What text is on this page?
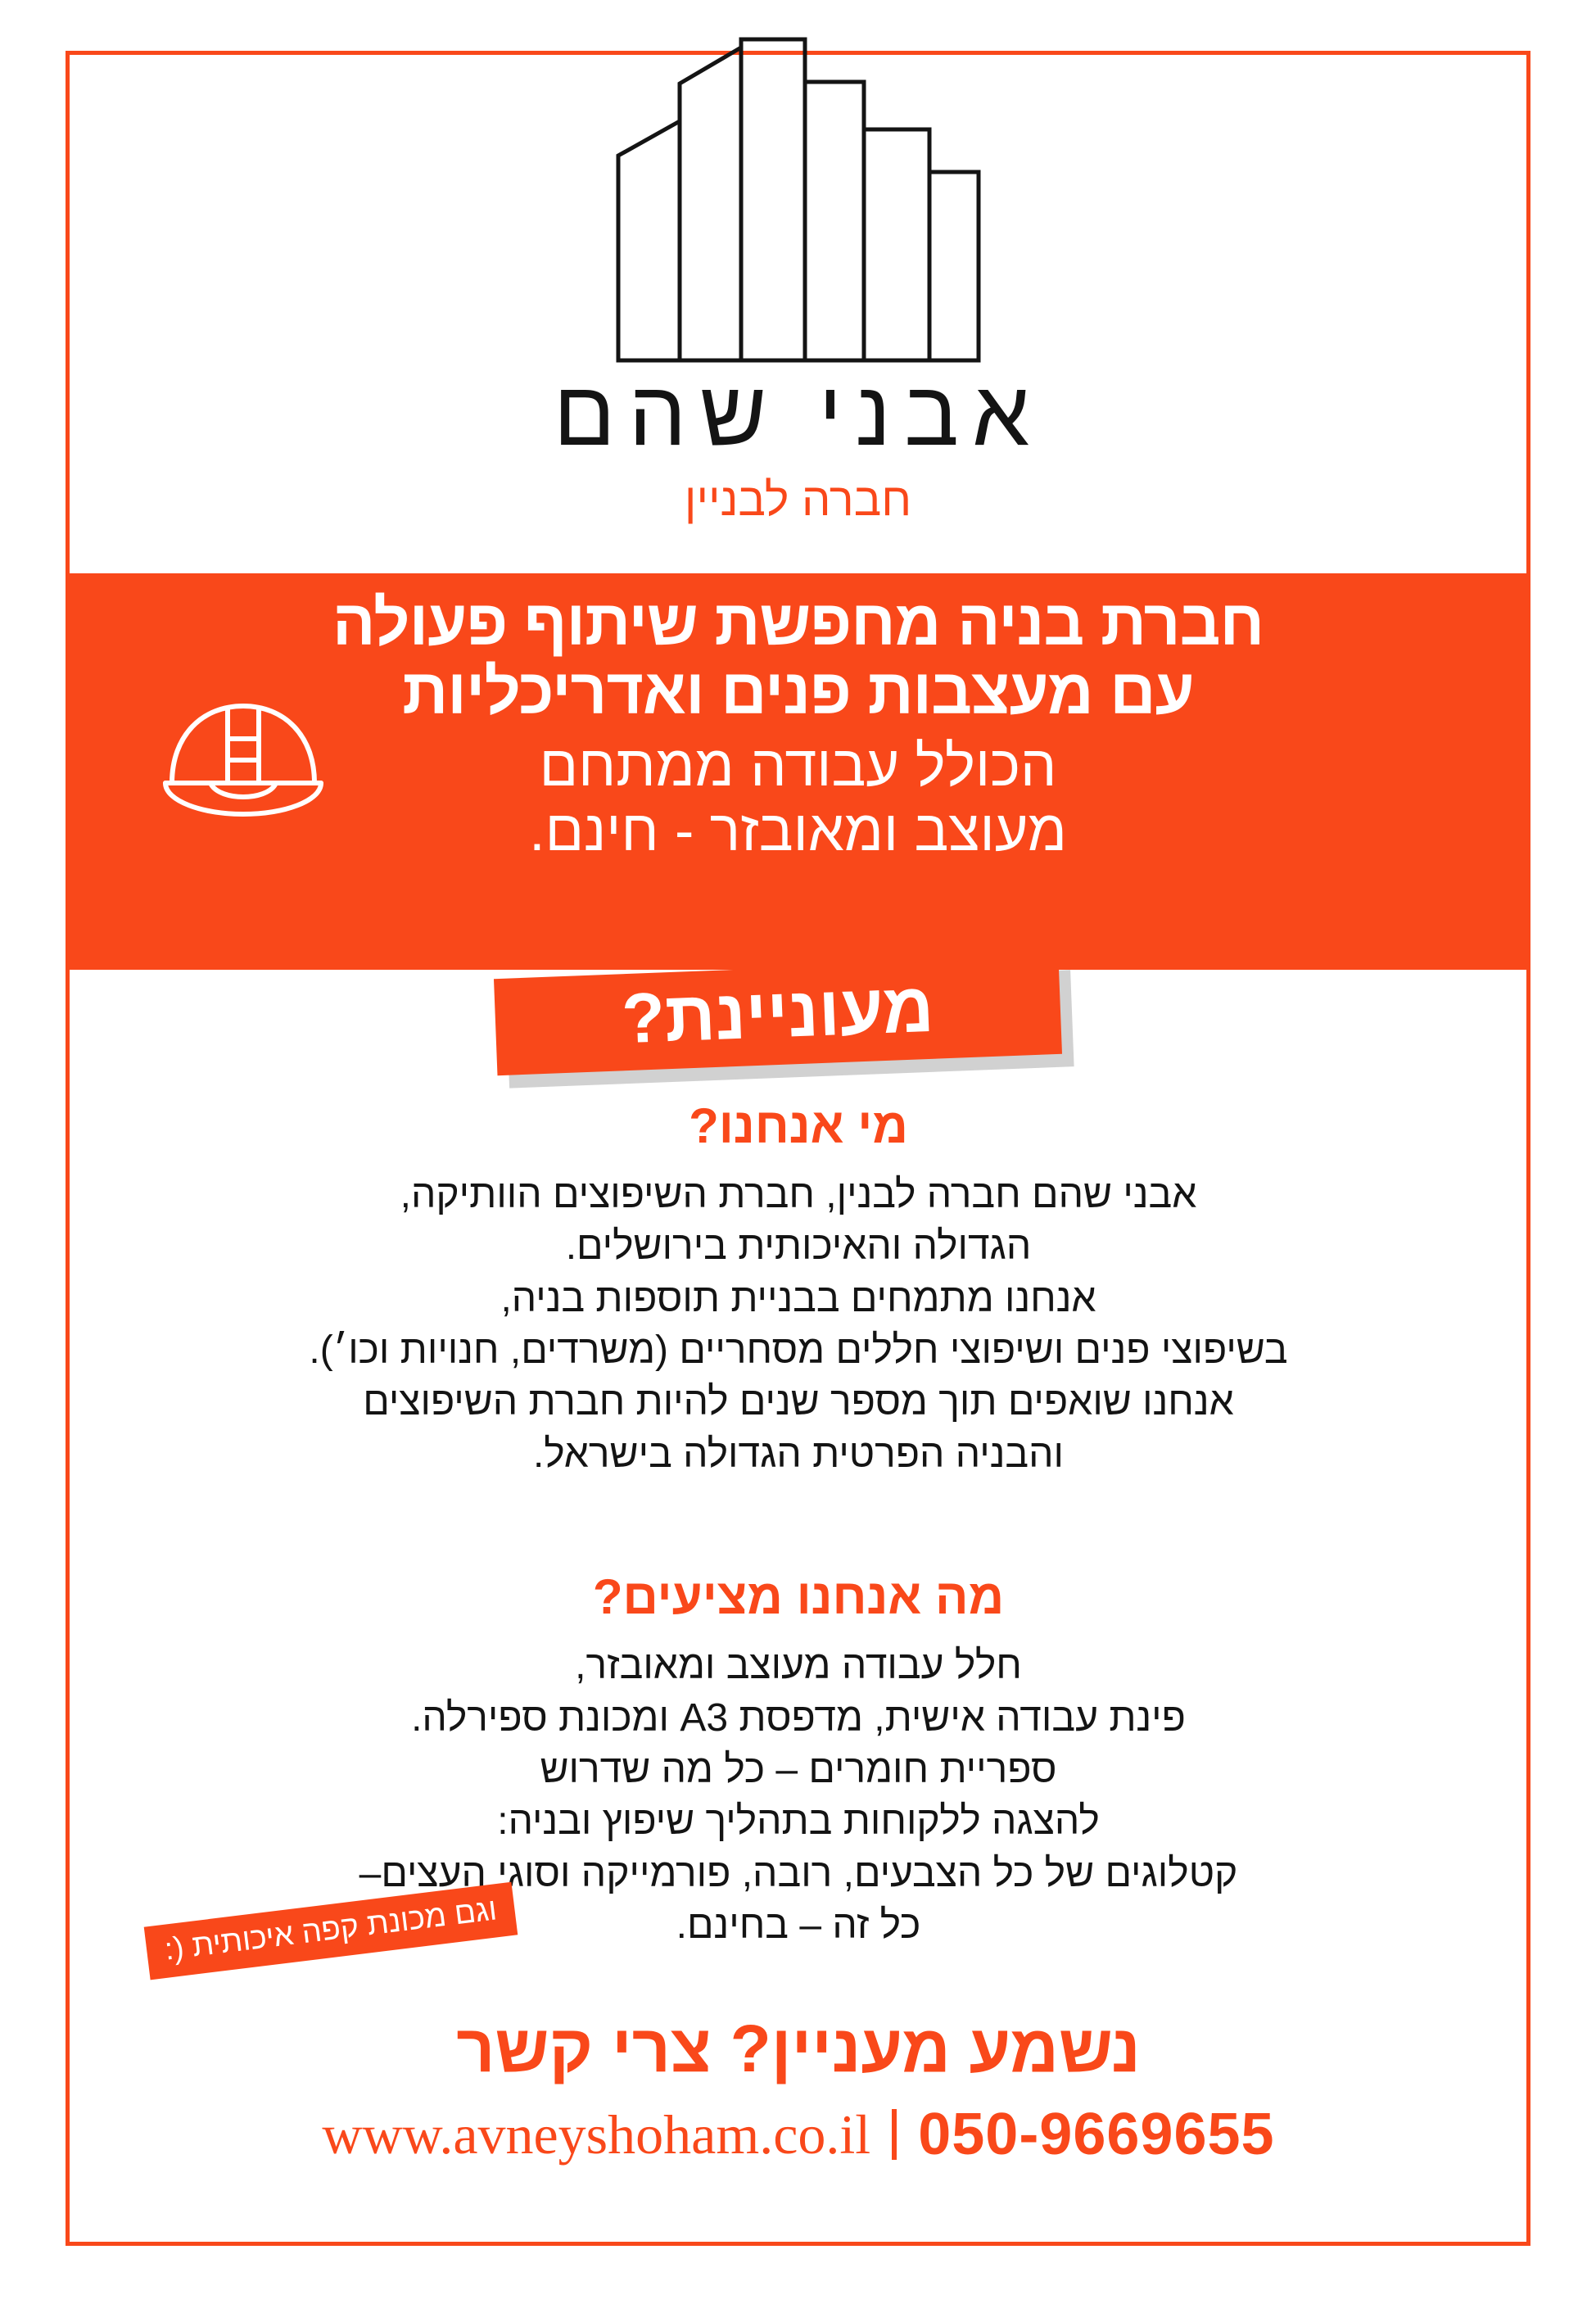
אבני שהם
חברה לבניין
חברת בניה מחפשת שיתוף פעולה
עם מעצבות פנים ואדריכליות
הכולל עבודה ממתחם
מעוצב ומאובזר - חינם.
מעוניינת?
מי אנחנו?
אבני שהם חברה לבנין, חברת השיפוצים הוותיקה,
הגדולה והאיכותית בירושלים.
אנחנו מתמחים בבניית תוספות בניה,
בשיפוצי פנים ושיפוצי חללים מסחריים (משרדים, חנויות וכו׳).
אנחנו שואפים תוך מספר שנים להיות חברת השיפוצים
והבניה הפרטית הגדולה בישראל.
מה אנחנו מציעים?
חלל עבודה מעוצב ומאובזר,
פינת עבודה אישית, מדפסת A3 ומכונת ספירלה.
ספריית חומרים – כל מה שדרוש
להצגה ללקוחות בתהליך שיפוץ ובניה:
קטלוגים של כל הצבעים, רובה, פורמייקה וסוגי העצים–
כל זה – בחינם.
וגם מכונת קפה איכותית (:
נשמע מעניין? צרי קשר
www.avneyshoham.co.il 050-9669655
